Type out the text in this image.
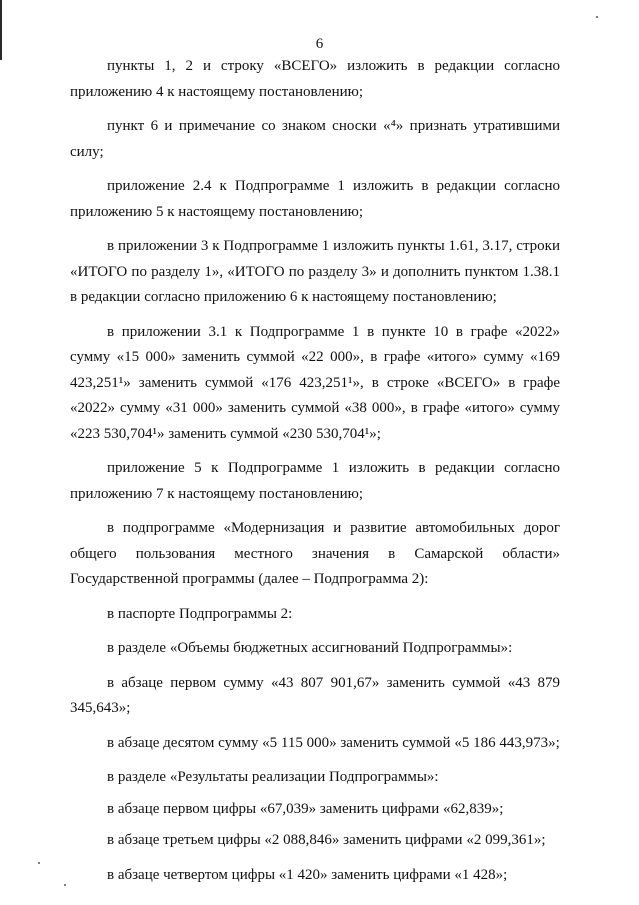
6

пункты 1, 2 и строку «ВСЕГО» изложить в редакции согласно приложению 4 к настоящему постановлению;

пункт 6 и примечание со знаком сноски «⁴» признать утратившими силу;

приложение 2.4 к Подпрограмме 1 изложить в редакции согласно приложению 5 к настоящему постановлению;

в приложении 3 к Подпрограмме 1 изложить пункты 1.61, 3.17, строки «ИТОГО по разделу 1», «ИТОГО по разделу 3» и дополнить пунктом 1.38.1 в редакции согласно приложению 6 к настоящему постановлению;

в приложении 3.1 к Подпрограмме 1 в пункте 10 в графе «2022» сумму «15 000» заменить суммой «22 000», в графе «итого» сумму «169 423,251¹» заменить суммой «176 423,251¹», в строке «ВСЕГО» в графе «2022» сумму «31 000» заменить суммой «38 000», в графе «итого» сумму «223 530,704¹» заменить суммой «230 530,704¹»;

приложение 5 к Подпрограмме 1 изложить в редакции согласно приложению 7 к настоящему постановлению;

в подпрограмме «Модернизация и развитие автомобильных дорог общего пользования местного значения в Самарской области» Государственной программы (далее – Подпрограмма 2):

в паспорте Подпрограммы 2:

в разделе «Объемы бюджетных ассигнований Подпрограммы»:

в абзаце первом сумму «43 807 901,67» заменить суммой «43 879 345,643»;

в абзаце десятом сумму «5 115 000» заменить суммой «5 186 443,973»;

в разделе «Результаты реализации Подпрограммы»:

в абзаце первом цифры «67,039» заменить цифрами «62,839»;

в абзаце третьем цифры «2 088,846» заменить цифрами «2 099,361»;

в абзаце четвертом цифры «1 420» заменить цифрами «1 428»;
